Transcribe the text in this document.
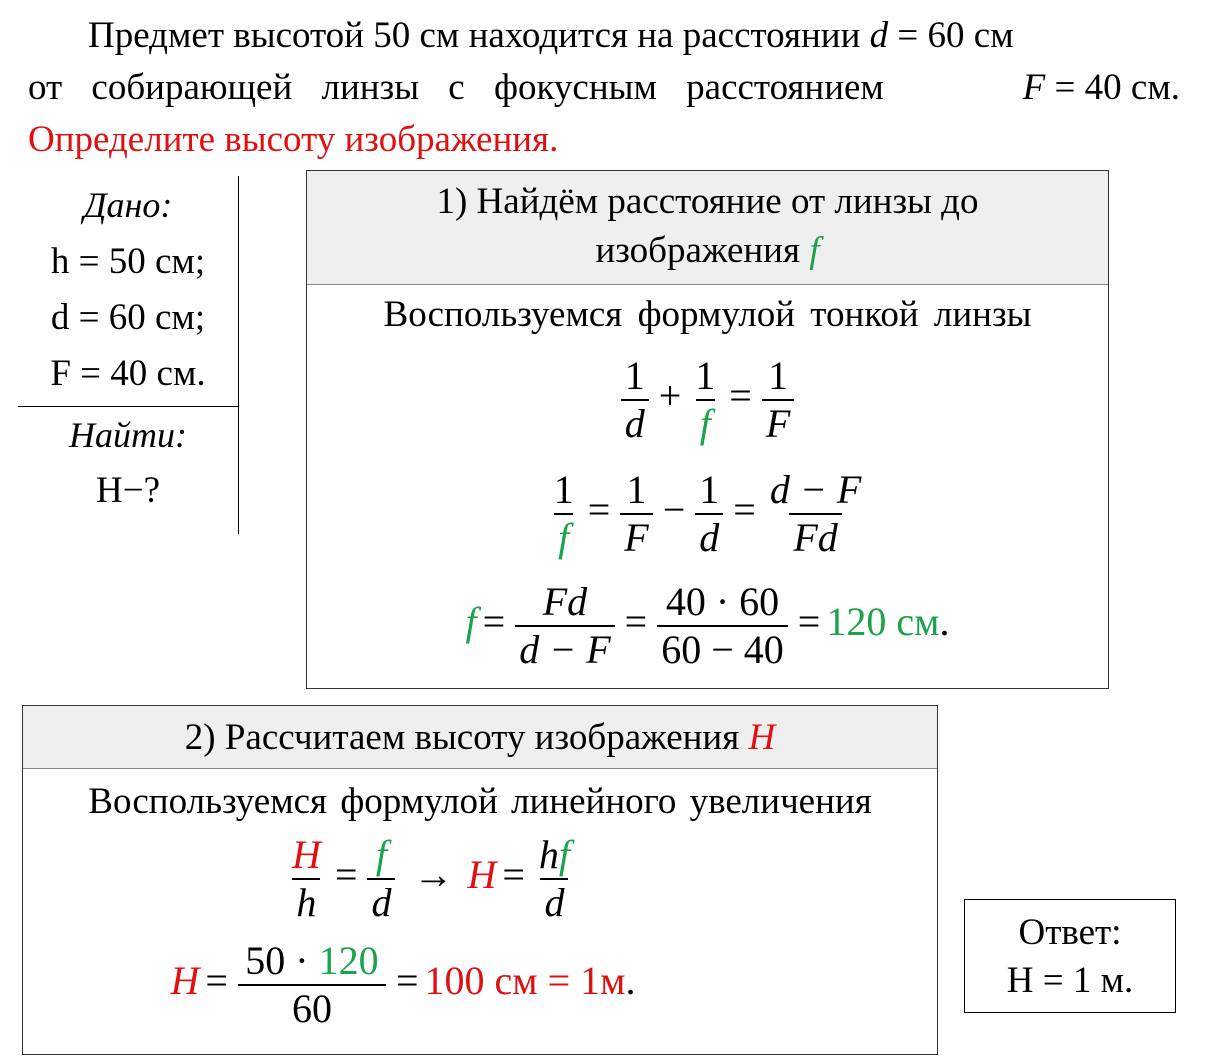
Предмет высотой 50 см находится на расстоянии d = 60 см
от собирающей линзы с фокусным расстоянием	F = 40 см.
Определите высоту изображения.
Дано:
h = 50 см;
d = 60 см;
F = 40 см.
Найти:
H−?
1) Найдём расстояние от линзы до
изображения f
Воспользуемся формулой тонкой линзы
$\frac{1}{d} + \frac{1}{f} = \frac{1}{F}$
$\frac{1}{f} = \frac{1}{F} - \frac{1}{d} = \frac{d - F}{Fd}$
$f = \frac{Fd}{d - F} = \frac{40 \cdot 60}{60 - 40} = 120$ см.
2) Рассчитаем высоту изображения H
Воспользуемся формулой линейного увеличения
$\frac{H}{h} = \frac{f}{d} \to H = \frac{hf}{d}$
$H = \frac{50 \cdot 120}{60} = 100$ см = 1м.
Ответ:
H = 1 м.
